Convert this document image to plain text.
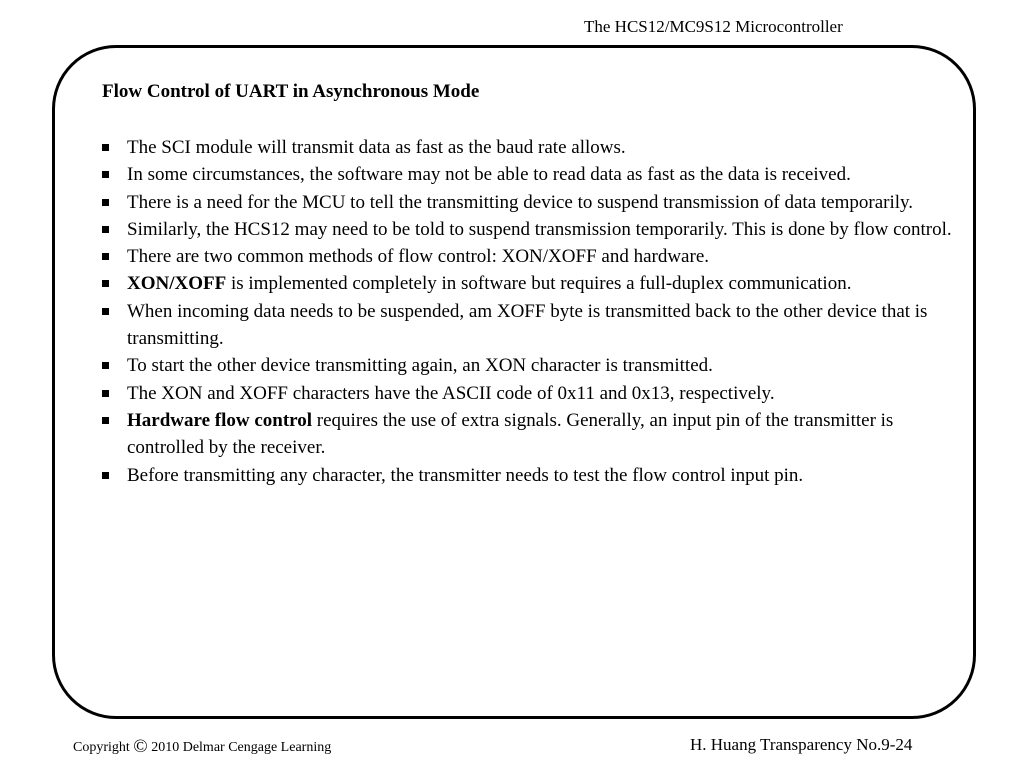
The HCS12/MC9S12 Microcontroller
Flow Control of UART in Asynchronous Mode
The SCI module will transmit data as fast as the baud rate allows.
In some circumstances, the software may not be able to read data as fast as the data is received.
There is a need for the MCU to tell the transmitting device to suspend transmission of data temporarily.
Similarly, the HCS12 may need to be told to suspend transmission temporarily. This is done by flow control.
There are two common methods of flow control: XON/XOFF and hardware.
XON/XOFF is implemented completely in software but requires a full-duplex communication.
When incoming data needs to be suspended, am XOFF byte is transmitted back to the other device that is transmitting.
To start the other device transmitting again, an XON character is transmitted.
The XON and XOFF characters have the ASCII code of 0x11 and 0x13, respectively.
Hardware flow control requires the use of extra signals. Generally, an input pin of the transmitter is controlled by the receiver.
Before transmitting any character, the transmitter needs to test the flow control input pin.
Copyright © 2010 Delmar Cengage Learning	H. Huang Transparency No.9-24
